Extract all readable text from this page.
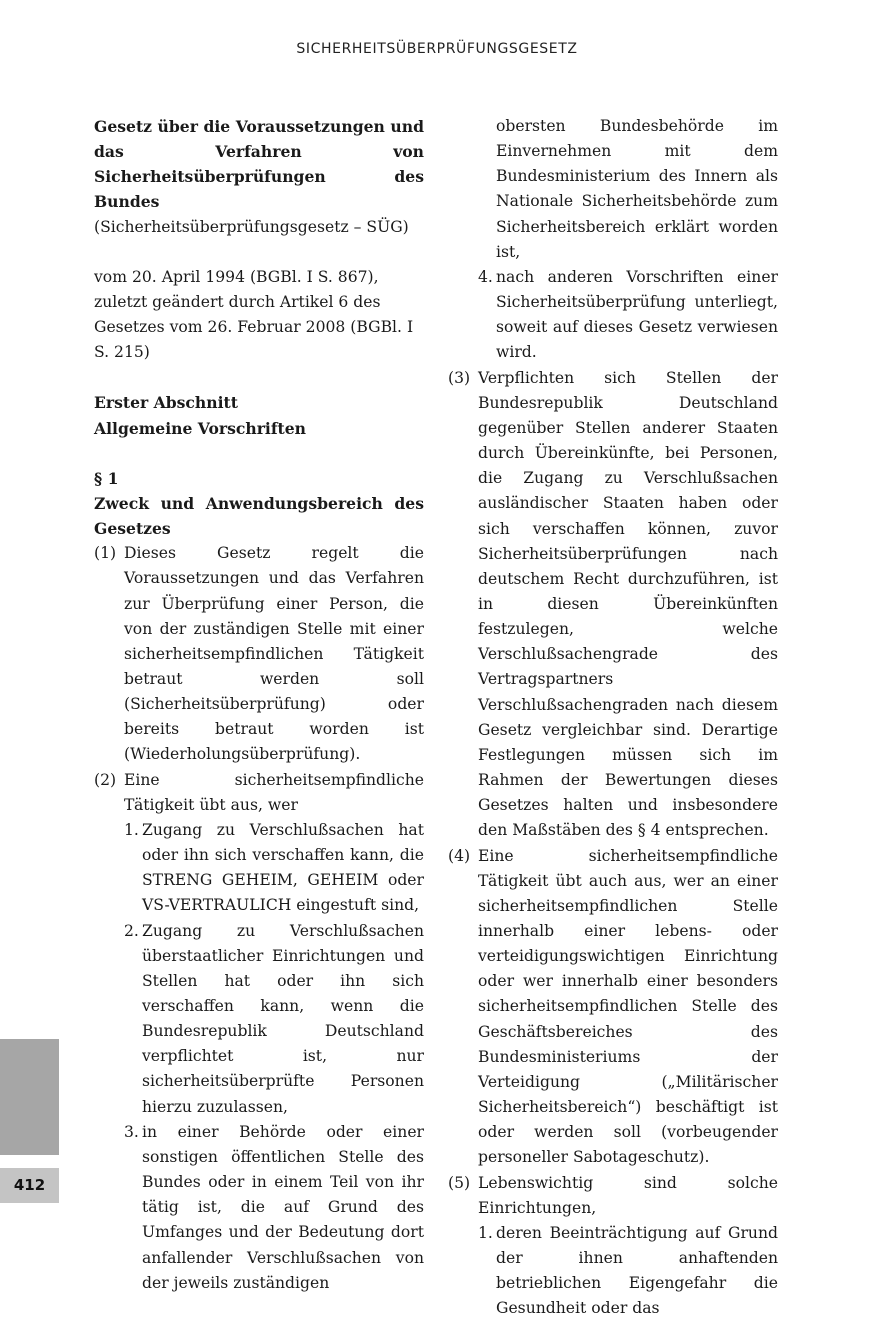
SICHERHEITSÜBERPRÜFUNGSGESETZ
Gesetz über die Voraussetzungen und das Verfahren von Sicherheitsüberprüfungen des Bundes
(Sicherheitsüberprüfungsgesetz – SÜG)
vom 20. April 1994 (BGBl. I S. 867),
zuletzt geändert durch Artikel 6 des Gesetzes vom 26. Februar 2008 (BGBl. I S. 215)
Erster Abschnitt
Allgemeine Vorschriften
§ 1
Zweck und Anwendungsbereich des Gesetzes
(1) Dieses Gesetz regelt die Voraussetzungen und das Verfahren zur Überprüfung einer Person, die von der zuständigen Stelle mit einer sicherheitsempfindlichen Tätigkeit betraut werden soll (Sicherheitsüberprüfung) oder bereits betraut worden ist (Wiederholungsüberprüfung).
(2) Eine sicherheitsempfindliche Tätigkeit übt aus, wer
1. Zugang zu Verschlußsachen hat oder ihn sich verschaffen kann, die STRENG GEHEIM, GEHEIM oder VS-VERTRAULICH eingestuft sind,
2. Zugang zu Verschlußsachen überstaatlicher Einrichtungen und Stellen hat oder ihn sich verschaffen kann, wenn die Bundesrepublik Deutschland verpflichtet ist, nur sicherheitsüberprüfte Personen hierzu zuzulassen,
3. in einer Behörde oder einer sonstigen öffentlichen Stelle des Bundes oder in einem Teil von ihr tätig ist, die auf Grund des Umfanges und der Bedeutung dort anfallender Verschlußsachen von der jeweils zuständigen
obersten Bundesbehörde im Einvernehmen mit dem Bundesministerium des Innern als Nationale Sicherheitsbehörde zum Sicherheitsbereich erklärt worden ist,
4. nach anderen Vorschriften einer Sicherheitsüberprüfung unterliegt, soweit auf dieses Gesetz verwiesen wird.
(3) Verpflichten sich Stellen der Bundesrepublik Deutschland gegenüber Stellen anderer Staaten durch Übereinkünfte, bei Personen, die Zugang zu Verschlußsachen ausländischer Staaten haben oder sich verschaffen können, zuvor Sicherheitsüberprüfungen nach deutschem Recht durchzuführen, ist in diesen Übereinkünften festzulegen, welche Verschlußsachengrade des Vertragspartners Verschlußsachengraden nach diesem Gesetz vergleichbar sind. Derartige Festlegungen müssen sich im Rahmen der Bewertungen dieses Gesetzes halten und insbesondere den Maßstäben des § 4 entsprechen.
(4) Eine sicherheitsempfindliche Tätigkeit übt auch aus, wer an einer sicherheitsempfindlichen Stelle innerhalb einer lebens- oder verteidigungswichtigen Einrichtung oder wer innerhalb einer besonders sicherheitsempfindlichen Stelle des Geschäftsbereiches des Bundesministeriums der Verteidigung („Militärischer Sicherheitsbereich“) beschäftigt ist oder werden soll (vorbeugender personeller Sabotageschutz).
(5) Lebenswichtig sind solche Einrichtungen,
1. deren Beeinträchtigung auf Grund der ihnen anhaftenden betrieblichen Eigengefahr die Gesundheit oder das
412
